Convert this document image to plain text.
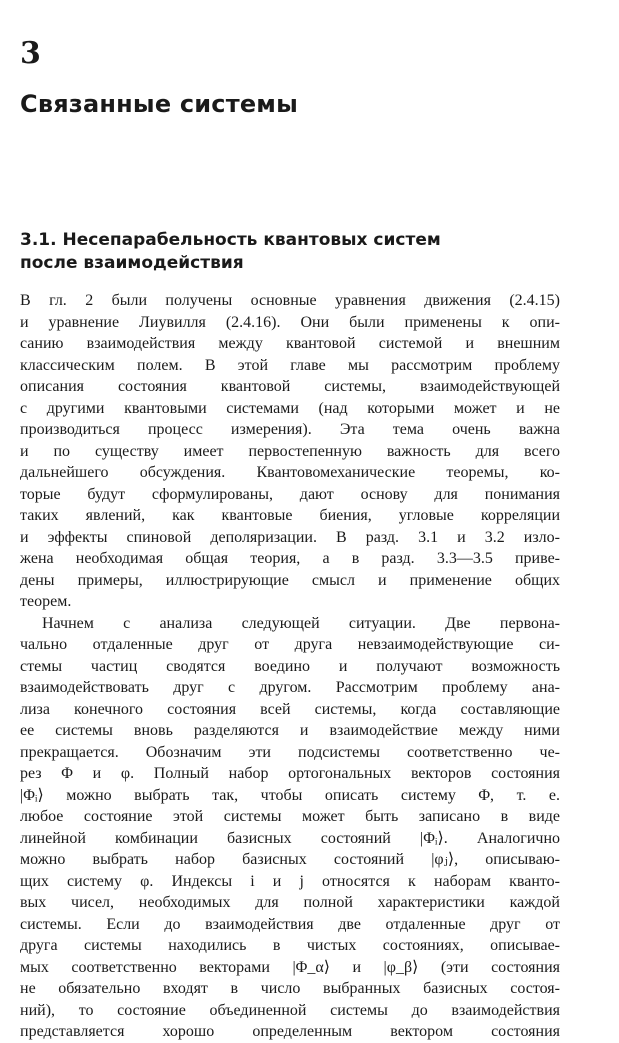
3
Связанные системы
3.1. Несепарабельность квантовых систем
после взаимодействия
В гл. 2 были получены основные уравнения движения (2.4.15)
и уравнение Лиувилля (2.4.16). Они были применены к опи-
санию взаимодействия между квантовой системой и внешним
классическим полем. В этой главе мы рассмотрим проблему
описания состояния квантовой системы, взаимодействующей
с другими квантовыми системами (над которыми может и не
производиться процесс измерения). Эта тема очень важна
и по существу имеет первостепенную важность для всего
дальнейшего обсуждения. Квантовомеханические теоремы, ко-
торые будут сформулированы, дают основу для понимания
таких явлений, как квантовые биения, угловые корреляции
и эффекты спиновой деполяризации. В разд. 3.1 и 3.2 изло-
жена необходимая общая теория, а в разд. 3.3—3.5 приве-
дены примеры, иллюстрирующие смысл и применение общих
теорем.
Начнем с анализа следующей ситуации. Две первона-
чально отдаленные друг от друга невзаимодействующие си-
стемы частиц сводятся воедино и получают возможность
взаимодействовать друг с другом. Рассмотрим проблему ана-
лиза конечного состояния всей системы, когда составляющие
ее системы вновь разделяются и взаимодействие между ними
прекращается. Обозначим эти подсистемы соответственно че-
рез Φ и φ. Полный набор ортогональных векторов состояния
|Φᵢ⟩ можно выбрать так, чтобы описать систему Φ, т. е.
любое состояние этой системы может быть записано в виде
линейной комбинации базисных состояний |Φᵢ⟩. Аналогично
можно выбрать набор базисных состояний |φⱼ⟩, описываю-
щих систему φ. Индексы i и j относятся к наборам кванто-
вых чисел, необходимых для полной характеристики каждой
системы. Если до взаимодействия две отдаленные друг от
друга системы находились в чистых состояниях, описывае-
мых соответственно векторами |Φ_α⟩ и |φ_β⟩ (эти состояния
не обязательно входят в число выбранных базисных состоя-
ний), то состояние объединенной системы до взаимодействия
представляется хорошо определенным вектором состояния
